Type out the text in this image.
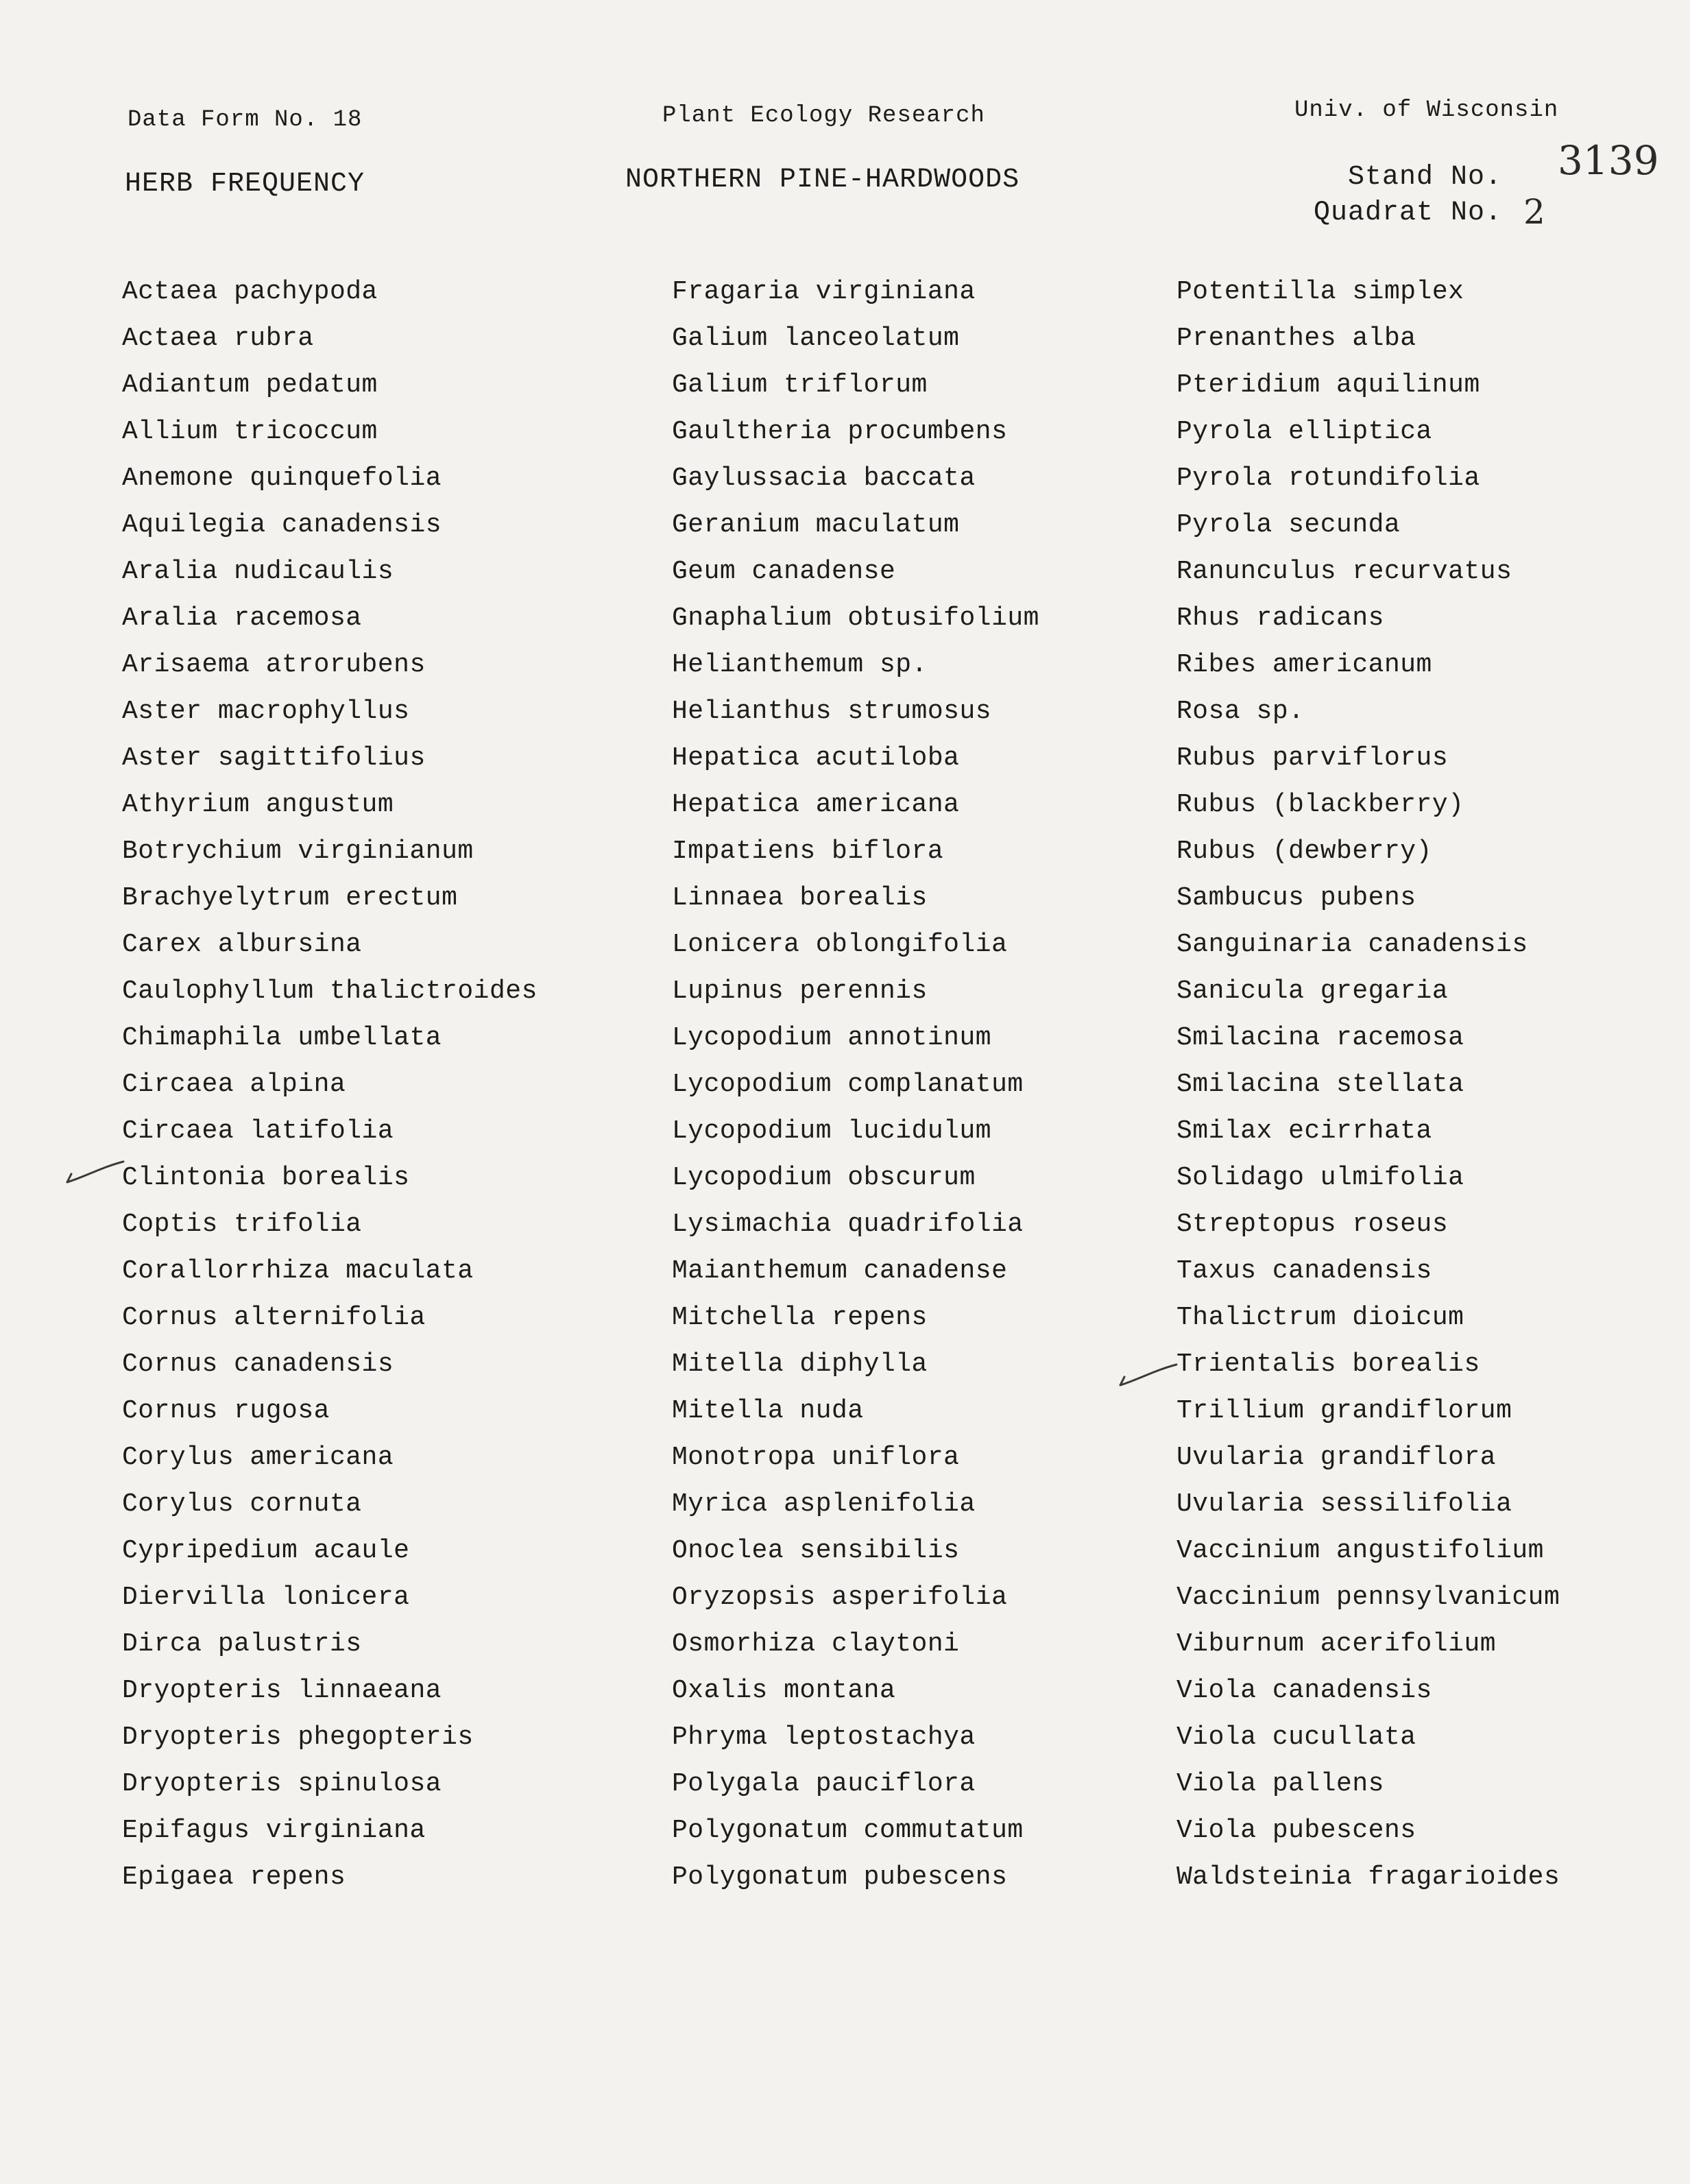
Data Form No. 18	Plant Ecology Research	Univ. of Wisconsin
HERB FREQUENCY	NORTHERN PINE-HARDWOODS	Stand No. 3139
Quadrat No. 2
Actaea pachypoda
Actaea rubra
Adiantum pedatum
Allium tricoccum
Anemone quinquefolia
Aquilegia canadensis
Aralia nudicaulis
Aralia racemosa
Arisaema atrorubens
Aster macrophyllus
Aster sagittifolius
Athyrium angustum
Botrychium virginianum
Brachyelytrum erectum
Carex albursina
Caulophyllum thalictroides
Chimaphila umbellata
Circaea alpina
Circaea latifolia
Clintonia borealis
Coptis trifolia
Corallorrhiza maculata
Cornus alternifolia
Cornus canadensis
Cornus rugosa
Corylus americana
Corylus cornuta
Cypripedium acaule
Diervilla lonicera
Dirca palustris
Dryopteris linnaeana
Dryopteris phegopteris
Dryopteris spinulosa
Epifagus virginiana
Epigaea repens
Fragaria virginiana
Galium lanceolatum
Galium triflorum
Gaultheria procumbens
Gaylussacia baccata
Geranium maculatum
Geum canadense
Gnaphalium obtusifolium
Helianthemum sp.
Helianthus strumosus
Hepatica acutiloba
Hepatica americana
Impatiens biflora
Linnaea borealis
Lonicera oblongifolia
Lupinus perennis
Lycopodium annotinum
Lycopodium complanatum
Lycopodium lucidulum
Lycopodium obscurum
Lysimachia quadrifolia
Maianthemum canadense
Mitchella repens
Mitella diphylla
Mitella nuda
Monotropa uniflora
Myrica asplenifolia
Onoclea sensibilis
Oryzopsis asperifolia
Osmorhiza claytoni
Oxalis montana
Phryma leptostachya
Polygala pauciflora
Polygonatum commutatum
Polygonatum pubescens
Potentilla simplex
Prenanthes alba
Pteridium aquilinum
Pyrola elliptica
Pyrola rotundifolia
Pyrola secunda
Ranunculus recurvatus
Rhus radicans
Ribes americanum
Rosa sp.
Rubus parviflorus
Rubus (blackberry)
Rubus (dewberry)
Sambucus pubens
Sanguinaria canadensis
Sanicula gregaria
Smilacina racemosa
Smilacina stellata
Smilax ecirrhata
Solidago ulmifolia
Streptopus roseus
Taxus canadensis
Thalictrum dioicum
Trientalis borealis
Trillium grandiflorum
Uvularia grandiflora
Uvularia sessilifolia
Vaccinium angustifolium
Vaccinium pennsylvanicum
Viburnum acerifolium
Viola canadensis
Viola cucullata
Viola pallens
Viola pubescens
Waldsteinia fragarioides
